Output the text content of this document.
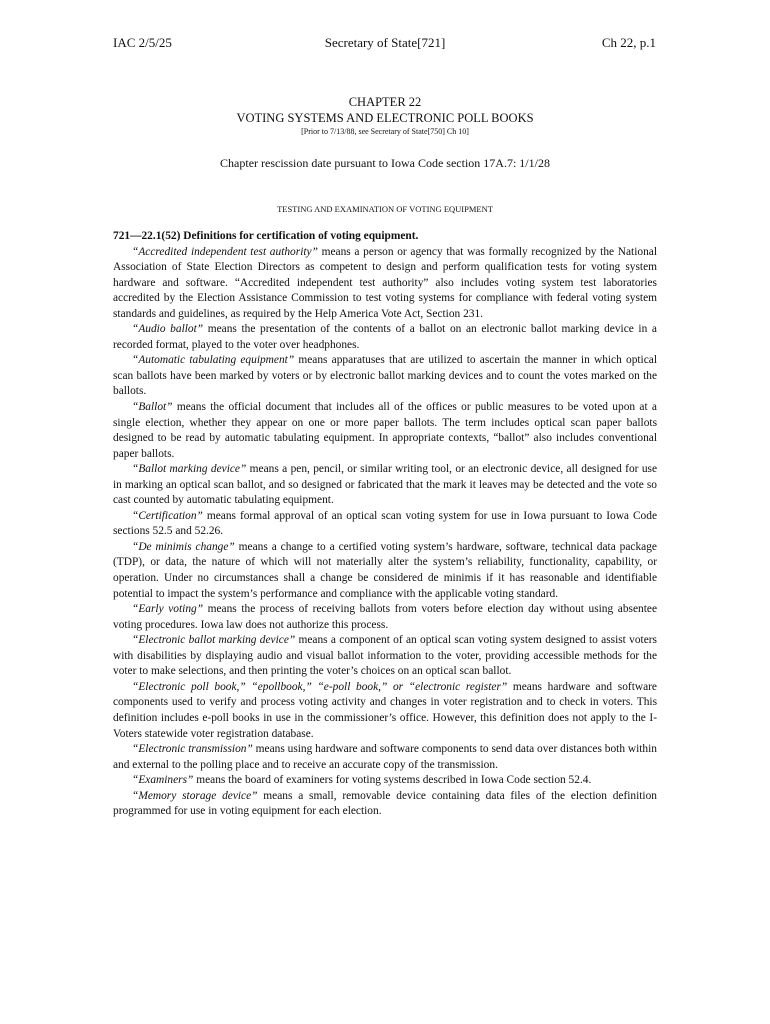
IAC 2/5/25	Secretary of State[721]	Ch 22, p.1
CHAPTER 22
VOTING SYSTEMS AND ELECTRONIC POLL BOOKS
[Prior to 7/13/88, see Secretary of State[750] Ch 10]
Chapter rescission date pursuant to Iowa Code section 17A.7: 1/1/28
TESTING AND EXAMINATION OF VOTING EQUIPMENT

721—22.1(52) Definitions for certification of voting equipment.

“Accredited independent test authority” means a person or agency that was formally recognized by the National Association of State Election Directors as competent to design and perform qualification tests for voting system hardware and software. “Accredited independent test authority” also includes voting system test laboratories accredited by the Election Assistance Commission to test voting systems for compliance with federal voting system standards and guidelines, as required by the Help America Vote Act, Section 231.

“Audio ballot” means the presentation of the contents of a ballot on an electronic ballot marking device in a recorded format, played to the voter over headphones.

“Automatic tabulating equipment” means apparatuses that are utilized to ascertain the manner in which optical scan ballots have been marked by voters or by electronic ballot marking devices and to count the votes marked on the ballots.

“Ballot” means the official document that includes all of the offices or public measures to be voted upon at a single election, whether they appear on one or more paper ballots. The term includes optical scan paper ballots designed to be read by automatic tabulating equipment. In appropriate contexts, “ballot” also includes conventional paper ballots.

“Ballot marking device” means a pen, pencil, or similar writing tool, or an electronic device, all designed for use in marking an optical scan ballot, and so designed or fabricated that the mark it leaves may be detected and the vote so cast counted by automatic tabulating equipment.

“Certification” means formal approval of an optical scan voting system for use in Iowa pursuant to Iowa Code sections 52.5 and 52.26.

“De minimis change” means a change to a certified voting system’s hardware, software, technical data package (TDP), or data, the nature of which will not materially alter the system’s reliability, functionality, capability, or operation. Under no circumstances shall a change be considered de minimis if it has reasonable and identifiable potential to impact the system’s performance and compliance with the applicable voting standard.

“Early voting” means the process of receiving ballots from voters before election day without using absentee voting procedures. Iowa law does not authorize this process.

“Electronic ballot marking device” means a component of an optical scan voting system designed to assist voters with disabilities by displaying audio and visual ballot information to the voter, providing accessible methods for the voter to make selections, and then printing the voter’s choices on an optical scan ballot.

“Electronic poll book,” “epollbook,” “e-poll book,” or “electronic register” means hardware and software components used to verify and process voting activity and changes in voter registration and to check in voters. This definition includes e-poll books in use in the commissioner’s office. However, this definition does not apply to the I-Voters statewide voter registration database.

“Electronic transmission” means using hardware and software components to send data over distances both within and external to the polling place and to receive an accurate copy of the transmission.

“Examiners” means the board of examiners for voting systems described in Iowa Code section 52.4.

“Memory storage device” means a small, removable device containing data files of the election definition programmed for use in voting equipment for each election.
